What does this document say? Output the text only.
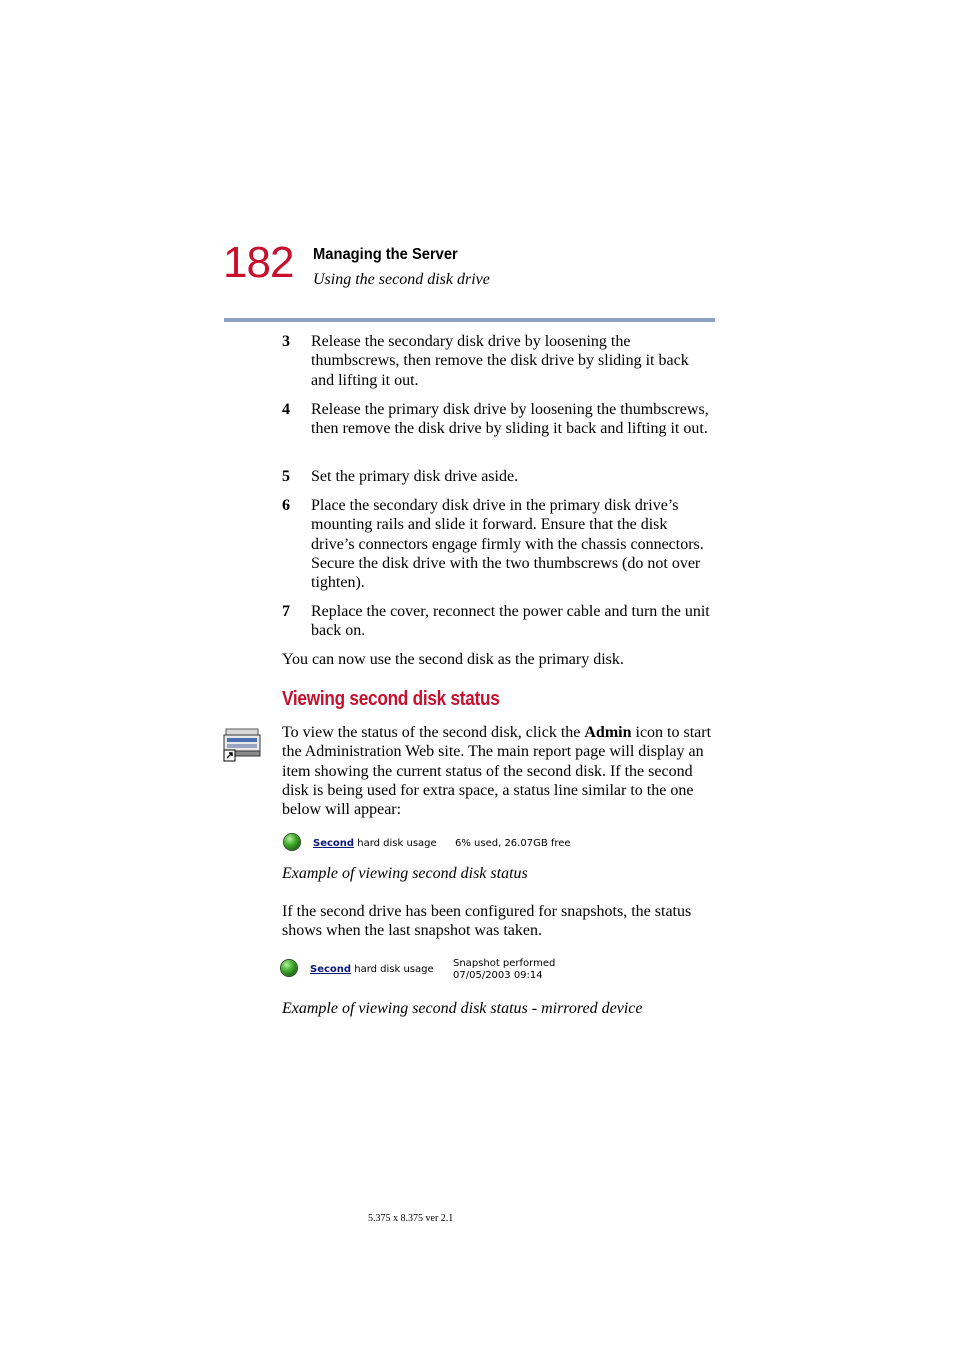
182 Managing the Server
Using the second disk drive
3	Release the secondary disk drive by loosening the thumbscrews, then remove the disk drive by sliding it back and lifting it out.
4	Release the primary disk drive by loosening the thumbscrews, then remove the disk drive by sliding it back and lifting it out.
5	Set the primary disk drive aside.
6	Place the secondary disk drive in the primary disk drive’s mounting rails and slide it forward. Ensure that the disk drive’s connectors engage firmly with the chassis connectors. Secure the disk drive with the two thumbscrews (do not over tighten).
7	Replace the cover, reconnect the power cable and turn the unit back on.
You can now use the second disk as the primary disk.
Viewing second disk status
To view the status of the second disk, click the Admin icon to start the Administration Web site. The main report page will display an item showing the current status of the second disk. If the second disk is being used for extra space, a status line similar to the one below will appear:
Second hard disk usage 6% used, 26.07GB free
Example of viewing second disk status
If the second drive has been configured for snapshots, the status shows when the last snapshot was taken.
Second hard disk usage
Snapshot performed
07/05/2003 09:14
Example of viewing second disk status - mirrored device
5.375 x 8.375 ver 2.1
